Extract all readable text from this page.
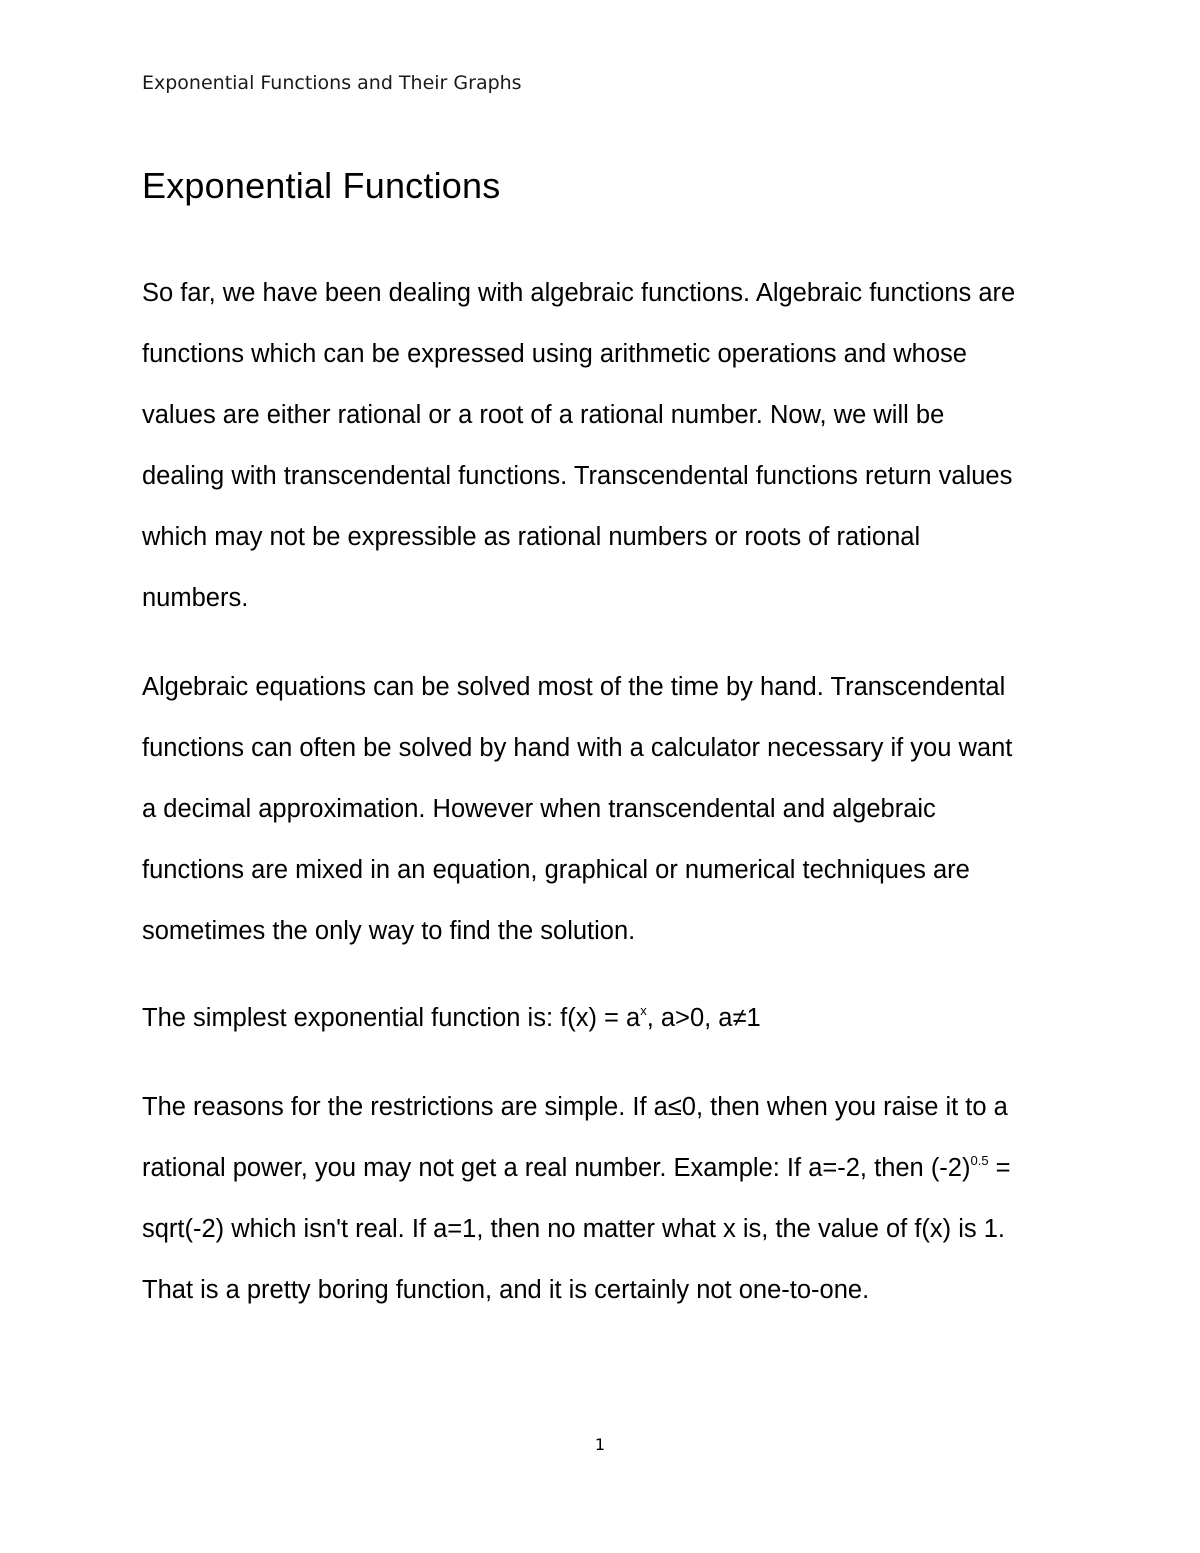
Exponential Functions and Their Graphs
Exponential Functions

So far, we have been dealing with algebraic functions. Algebraic functions are
functions which can be expressed using arithmetic operations and whose
values are either rational or a root of a rational number. Now, we will be
dealing with transcendental functions. Transcendental functions return values
which may not be expressible as rational numbers or roots of rational
numbers.

Algebraic equations can be solved most of the time by hand. Transcendental
functions can often be solved by hand with a calculator necessary if you want
a decimal approximation. However when transcendental and algebraic
functions are mixed in an equation, graphical or numerical techniques are
sometimes the only way to find the solution.

The simplest exponential function is: $f(x) = a^x$, a>0, a≠1

The reasons for the restrictions are simple. If a≤0, then when you raise it to a
rational power, you may not get a real number. Example: If a=-2, then $(-2)^{0.5}$ =
sqrt(-2) which isn't real. If a=1, then no matter what x is, the value of f(x) is 1.
That is a pretty boring function, and it is certainly not one-to-one.

1
